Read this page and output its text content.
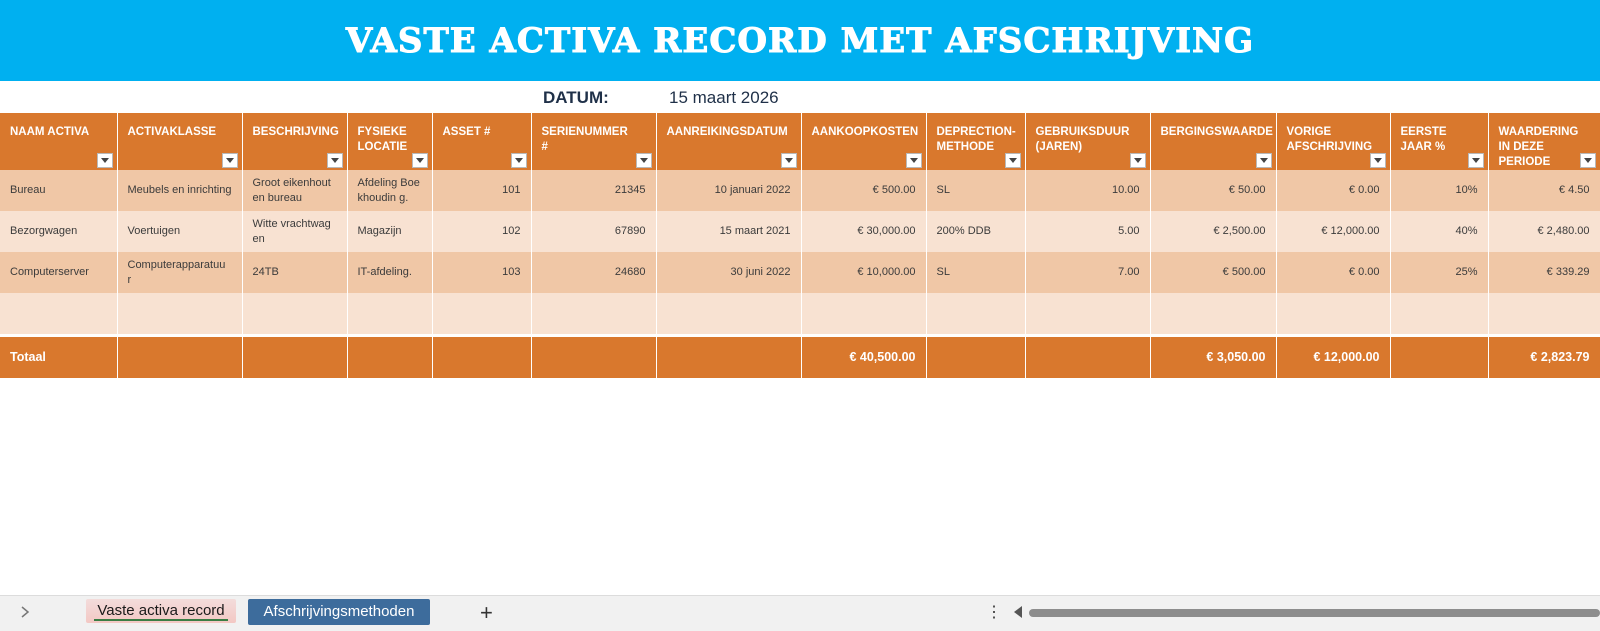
VASTE ACTIVA RECORD MET AFSCHRIJVING
DATUM:	15 maart 2026
NAAM ACTIVA	ACTIVAKLASSE	BESCHRIJVING	FYSIEKE LOCATIE	ASSET #	SERIENUMMER #	AANREIKINGSDATUM	AANKOOPKOSTEN	DEPRECTION-METHODE	GEBRUIKSDUUR (JAREN)	BERGINGSWAARDE	VORIGE AFSCHRIJVING	EERSTE JAAR %	WAARDERING IN DEZE PERIODE

Bureau	Meubels en inrichting	Groot eikenhouten bureau	Afdeling Boekhoudin g.	101	21345	10 januari 2022	€ 500.00	SL	10.00	€ 50.00	€ 0.00	10%	€ 4.50
Bezorgwagen	Voertuigen	Witte vrachtwagen	Magazijn	102	67890	15 maart 2021	€ 30,000.00	200% DDB	5.00	€ 2,500.00	€ 12,000.00	40%	€ 2,480.00
Computerserver	Computerapparatuu r	24TB	IT-afdeling.	103	24680	30 juni 2022	€ 10,000.00	SL	7.00	€ 500.00	€ 0.00	25%	€ 339.29

Totaal							€ 40,500.00			€ 3,050.00	€ 12,000.00		€ 2,823.79
Vaste activa record	Afschrijvingsmethoden	+	⋮
